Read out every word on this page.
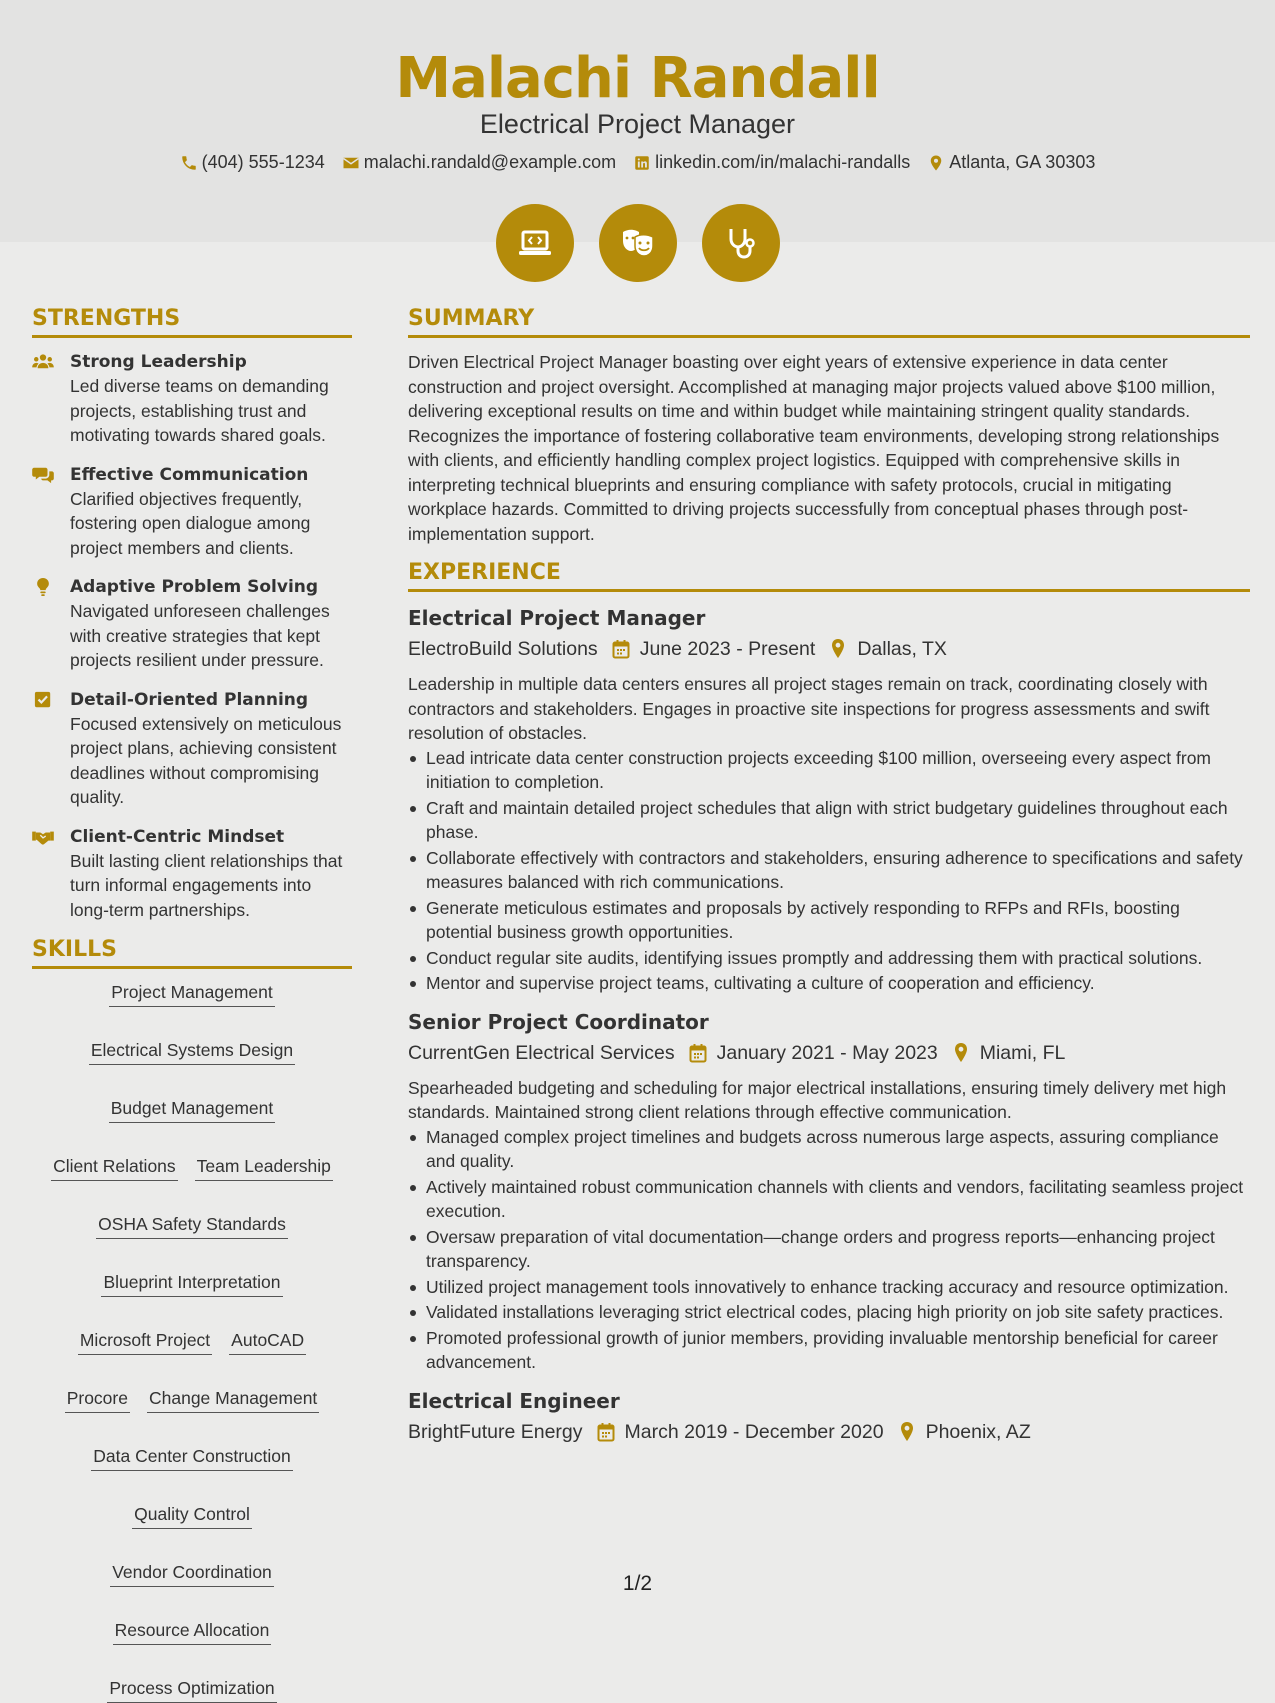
Malachi Randall
Electrical Project Manager
(404) 555-1234 malachi.randald@example.com linkedin.com/in/malachi-randalls Atlanta, GA 30303
STRENGTHS
Strong Leadership
Led diverse teams on demanding projects, establishing trust and motivating towards shared goals.
Effective Communication
Clarified objectives frequently, fostering open dialogue among project members and clients.
Adaptive Problem Solving
Navigated unforeseen challenges with creative strategies that kept projects resilient under pressure.
Detail-Oriented Planning
Focused extensively on meticulous project plans, achieving consistent deadlines without compromising quality.
Client-Centric Mindset
Built lasting client relationships that turn informal engagements into long-term partnerships.
SKILLS
Project Management
Electrical Systems Design
Budget Management
Client Relations Team Leadership
OSHA Safety Standards
Blueprint Interpretation
Microsoft Project AutoCAD
Procore Change Management
Data Center Construction
Quality Control
Vendor Coordination
Resource Allocation
Process Optimization
SUMMARY
Driven Electrical Project Manager boasting over eight years of extensive experience in data center construction and project oversight. Accomplished at managing major projects valued above $100 million, delivering exceptional results on time and within budget while maintaining stringent quality standards. Recognizes the importance of fostering collaborative team environments, developing strong relationships with clients, and efficiently handling complex project logistics. Equipped with comprehensive skills in interpreting technical blueprints and ensuring compliance with safety protocols, crucial in mitigating workplace hazards. Committed to driving projects successfully from conceptual phases through post-implementation support.
EXPERIENCE
Electrical Project Manager
ElectroBuild Solutions June 2023 - Present Dallas, TX
Leadership in multiple data centers ensures all project stages remain on track, coordinating closely with contractors and stakeholders. Engages in proactive site inspections for progress assessments and swift resolution of obstacles.
Lead intricate data center construction projects exceeding $100 million, overseeing every aspect from initiation to completion.
Craft and maintain detailed project schedules that align with strict budgetary guidelines throughout each phase.
Collaborate effectively with contractors and stakeholders, ensuring adherence to specifications and safety measures balanced with rich communications.
Generate meticulous estimates and proposals by actively responding to RFPs and RFIs, boosting potential business growth opportunities.
Conduct regular site audits, identifying issues promptly and addressing them with practical solutions.
Mentor and supervise project teams, cultivating a culture of cooperation and efficiency.
Senior Project Coordinator
CurrentGen Electrical Services January 2021 - May 2023 Miami, FL
Spearheaded budgeting and scheduling for major electrical installations, ensuring timely delivery met high standards. Maintained strong client relations through effective communication.
Managed complex project timelines and budgets across numerous large aspects, assuring compliance and quality.
Actively maintained robust communication channels with clients and vendors, facilitating seamless project execution.
Oversaw preparation of vital documentation—change orders and progress reports—enhancing project transparency.
Utilized project management tools innovatively to enhance tracking accuracy and resource optimization.
Validated installations leveraging strict electrical codes, placing high priority on job site safety practices.
Promoted professional growth of junior members, providing invaluable mentorship beneficial for career advancement.
Electrical Engineer
BrightFuture Energy March 2019 - December 2020 Phoenix, AZ
1/2
